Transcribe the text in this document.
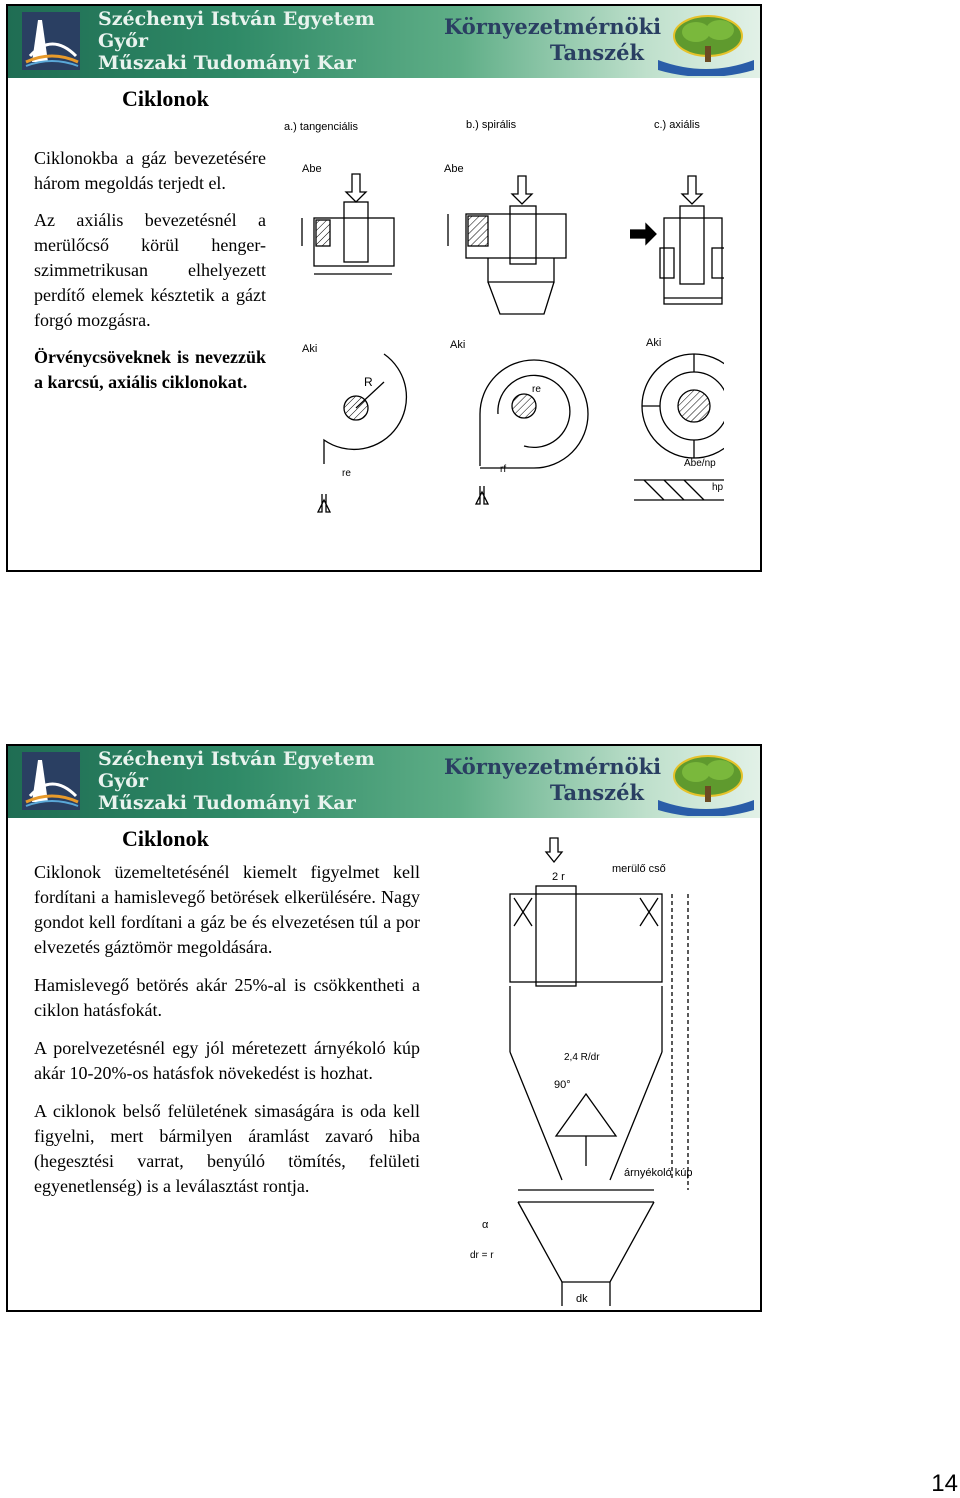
Széchenyi István Egyetem
Győr
Műszaki Tudományi Kar
Környezetmérnöki
Tanszék
Ciklonok

Ciklonokba a gáz bevezetésére három megoldás terjedt el.

Az axiális bevezetésnél a merülőcső körül henger-szimmetrikusan elhelyezett perdítő elemek késztetik a gázt forgó mozgásra.

Örvénycsöveknek is nevezzük a karcsú, axiális ciklonokat.

a.) tangenciális	b.) spirális	c.) axiális
Abe
Aki
R
re
Abe
Aki
re
rf
Aki
Abe/np
hp
Széchenyi István Egyetem
Győr
Műszaki Tudományi Kar
Környezetmérnöki
Tanszék
Ciklonok

Ciklonok üzemeltetésénél kiemelt figyelmet kell fordítani a hamislevegő betörések elkerülésére. Nagy gondot kell fordítani a gáz be és elvezetésen túl a por elvezetés gáztömör megoldására.

Hamislevegő betörés akár 25%-al is csökkentheti a ciklon hatásfokát.

A porelvezetésnél egy jól méretezett árnyékoló kúp akár 10-20%-os hatásfok növekedést is hozhat.

A ciklonok belső felületének simaságára is oda kell figyelni, mert bármilyen áramlást zavaró hiba (hegesztési varrat, benyúló tömítés, felületi egyenetlenség) is a leválasztást rontja.

2 r
merülő cső
2,4 R/dr
90°
árnyékoló kúp
α
dr = r
dk
14
